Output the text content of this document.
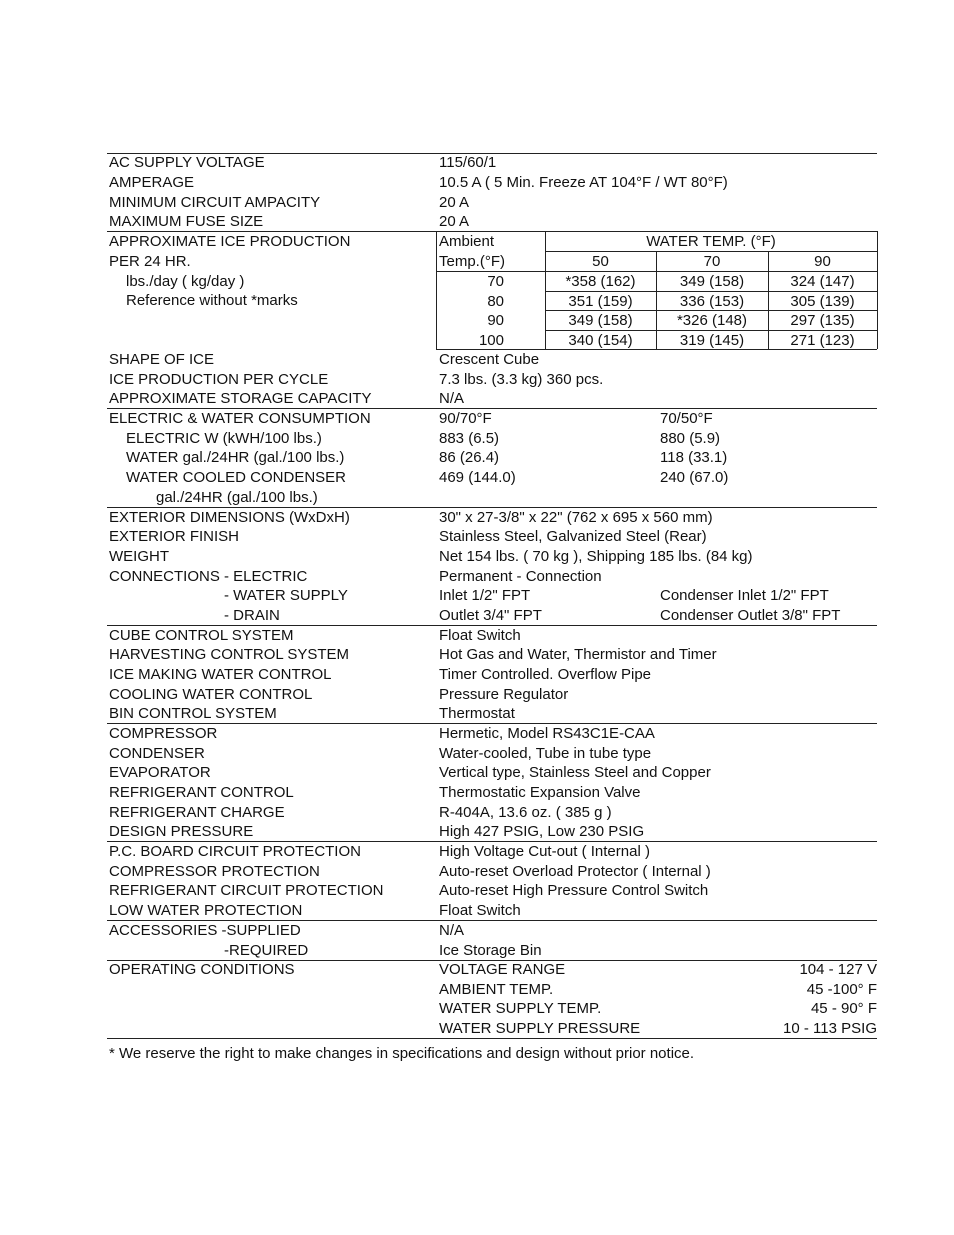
AC SUPPLY VOLTAGE	115/60/1
AMPERAGE	10.5 A ( 5 Min. Freeze AT 104°F / WT 80°F)
MINIMUM CIRCUIT AMPACITY	20 A
MAXIMUM FUSE SIZE	20 A
APPROXIMATE ICE PRODUCTION
PER 24 HR.
lbs./day ( kg/day )
Reference without *marks
SHAPE OF ICE	Crescent Cube
ICE PRODUCTION PER CYCLE	7.3 lbs. (3.3 kg) 360 pcs.
APPROXIMATE STORAGE CAPACITY	N/A
ELECTRIC & WATER CONSUMPTION	90/70°F	70/50°F
ELECTRIC W (kWH/100 lbs.)	883 (6.5)	880 (5.9)
WATER gal./24HR (gal./100 lbs.)	86 (26.4)	118 (33.1)
WATER COOLED CONDENSER	469 (144.0)	240 (67.0)
gal./24HR (gal./100 lbs.)
EXTERIOR DIMENSIONS (WxDxH)	30" x 27-3/8" x 22" (762 x 695 x 560 mm)
EXTERIOR FINISH	Stainless Steel, Galvanized Steel (Rear)
WEIGHT	Net 154 lbs. ( 70 kg ), Shipping 185 lbs. (84 kg)
CONNECTIONS - ELECTRIC	Permanent - Connection
- WATER SUPPLY	Inlet 1/2" FPT	Condenser Inlet 1/2" FPT
- DRAIN	Outlet 3/4" FPT	Condenser Outlet 3/8" FPT
CUBE CONTROL SYSTEM	Float Switch
HARVESTING CONTROL SYSTEM	Hot Gas and Water, Thermistor and Timer
ICE MAKING WATER CONTROL	Timer Controlled. Overflow Pipe
COOLING WATER CONTROL	Pressure Regulator
BIN CONTROL SYSTEM	Thermostat
COMPRESSOR	Hermetic, Model RS43C1E-CAA
CONDENSER	Water-cooled, Tube in tube type
EVAPORATOR	Vertical type, Stainless Steel and Copper
REFRIGERANT CONTROL	Thermostatic Expansion Valve
REFRIGERANT CHARGE	R-404A, 13.6 oz. ( 385 g )
DESIGN PRESSURE	High 427 PSIG, Low 230 PSIG
P.C. BOARD CIRCUIT PROTECTION	High Voltage Cut-out ( Internal )
COMPRESSOR PROTECTION	Auto-reset Overload Protector ( Internal )
REFRIGERANT CIRCUIT PROTECTION	Auto-reset High Pressure Control Switch
LOW WATER PROTECTION	Float Switch
ACCESSORIES -SUPPLIED	N/A
-REQUIRED	Ice Storage Bin
OPERATING CONDITIONS	VOLTAGE RANGE	104 - 127 V
AMBIENT TEMP.	45 -100° F
WATER SUPPLY TEMP.	45 - 90° F
WATER SUPPLY PRESSURE	10 - 113 PSIG
Ambient
Temp.(°F)
WATER TEMP. (°F)
50	70	90
70	*358 (162)	349 (158)	324 (147)
80	351 (159)	336 (153)	305 (139)
90	349 (158)	*326 (148)	297 (135)
100	340 (154)	319 (145)	271 (123)
* We reserve the right to make changes in specifications and design without prior notice.
